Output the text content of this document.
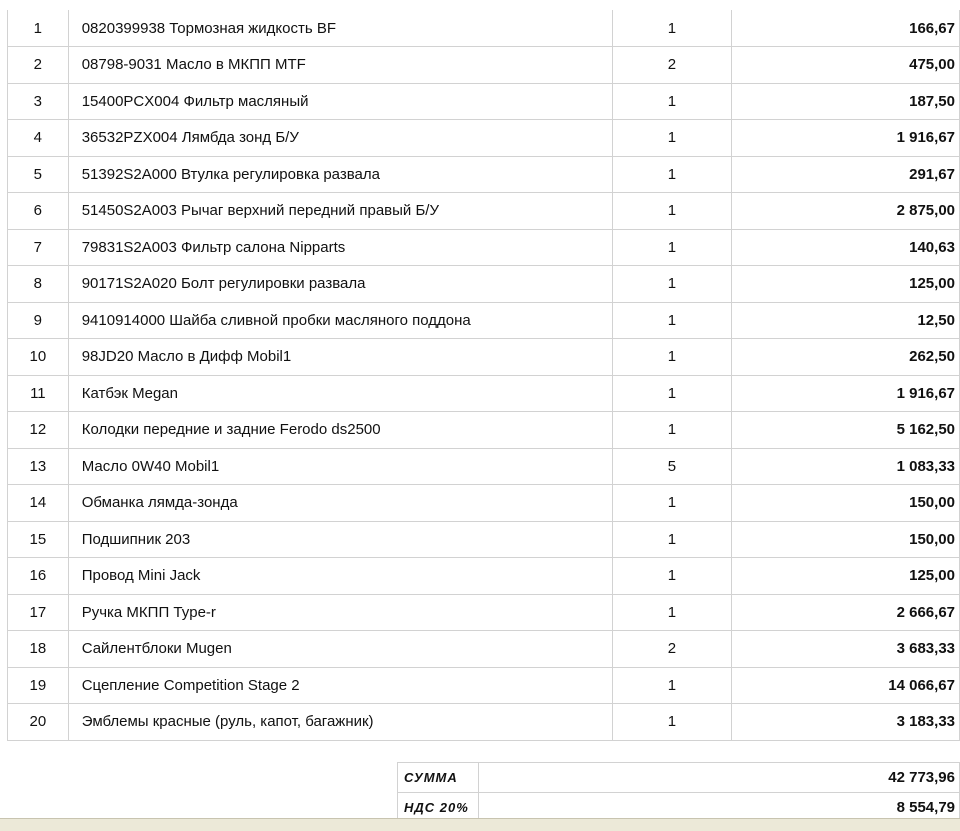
1	0820399938 Тормозная жидкость BF	1	166,67
2	08798-9031 Масло в МКПП MTF	2	475,00
3	15400PCX004 Фильтр масляный	1	187,50
4	36532PZX004 Лямбда зонд Б/У	1	1 916,67
5	51392S2A000 Втулка регулировка развала	1	291,67
6	51450S2A003 Рычаг верхний передний правый Б/У	1	2 875,00
7	79831S2A003 Фильтр салона Nipparts	1	140,63
8	90171S2A020 Болт регулировки развала	1	125,00
9	9410914000 Шайба сливной пробки масляного поддона	1	12,50
10	98JD20 Масло в Дифф Mobil1	1	262,50
11	Катбэк Megan	1	1 916,67
12	Колодки передние и задние Ferodo ds2500	1	5 162,50
13	Масло 0W40 Mobil1	5	1 083,33
14	Обманка лямда-зонда	1	150,00
15	Подшипник 203	1	150,00
16	Провод Mini Jack	1	125,00
17	Ручка МКПП Type-r	1	2 666,67
18	Сайлентблоки Mugen	2	3 683,33
19	Сцепление Competition Stage 2	1	14 066,67
20	Эмблемы красные (руль, капот, багажник)	1	3 183,33
СУММА	42 773,96
НДС 20%	8 554,79
